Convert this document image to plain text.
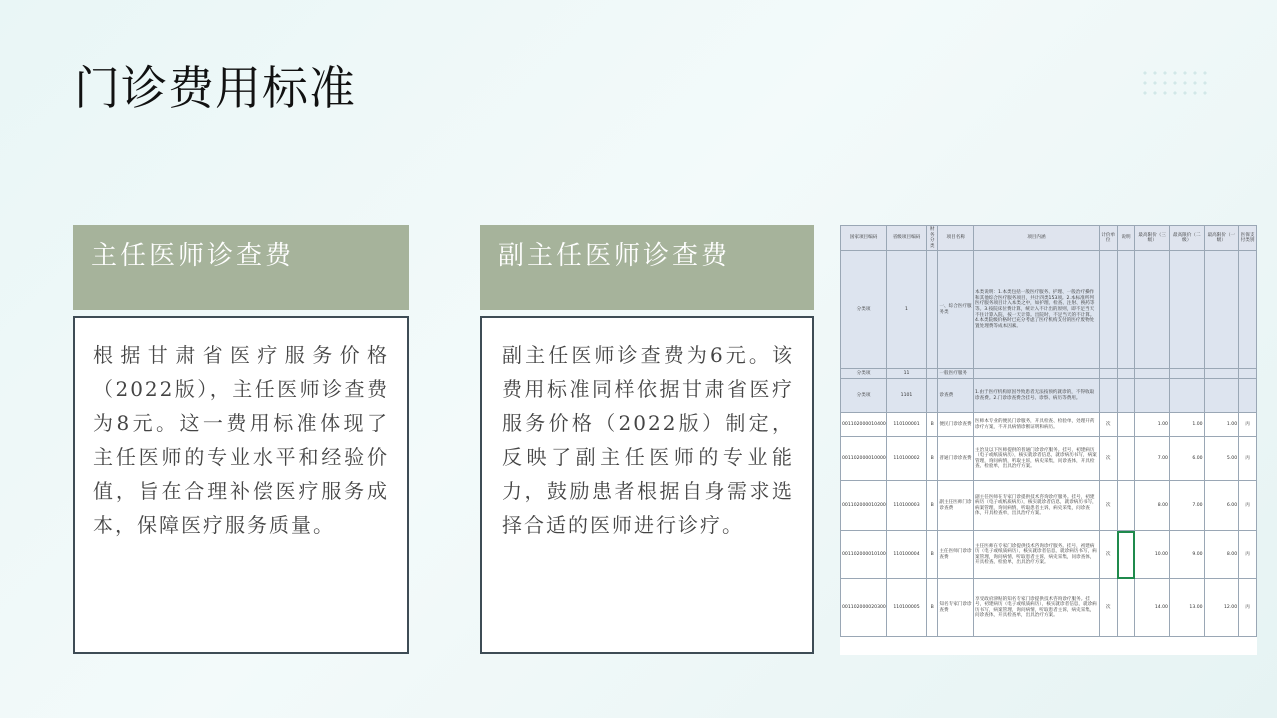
门诊费用标准
主任医师诊查费
根据甘肃省医疗服务价格（2022版），主任医师诊查费为8元。这一费用标准体现了主任医师的专业水平和经验价值，旨在合理补偿医疗服务成本，保障医疗服务质量。
副主任医师诊查费
副主任医师诊查费为6元。该费用标准同样依据甘肃省医疗服务价格（2022版）制定，反映了副主任医师的专业能力，鼓励患者根据自身需求选择合适的医师进行诊疗。
国家项目编码	省级项目编码	财务分类	项目名称	项目内涵	计价单位	说明	最高限价（三级）	最高限价（二级）	最高限价（一级）	医保支付类别
分类项	1		一、综合医疗服务类	本类说明：1.本类包括一般医疗服务、护理、一般治疗操作和其他综合医疗服务项目，共计四类153项。2.本标准所列医疗服务项目计入本类之中，如护理、检查、注射、换药等等。3.按院床位费计算，统计入不计出的原则，即不足当天不住计算入院，按一天计算。出院时，不足当天的不计算。4.本类院级价格时已充分考虑了医疗机构支付的医疗废物处置处理费等成本因素。						
分类项	11		一般医疗服务							
分类项	1101		诊查费	1.由于医疗机构原因导致患者无法按预约就诊的，不得收取诊查费。2.门诊诊查费含挂号、诊察、病历等费用。						
001102000010400	110100001	B	便民门诊诊查费	医师本专业的便民门诊服务，开具检查、检验单，处理开药诊疗方案，不开具病情诊断证明和病历。	次		1.00	1.00	1.00	丙
001102000010000	110100002	B	普通门诊诊查费	主治及以下医师提供的普通门诊诊疗服务。挂号，初建病历（电子或纸质病历），核实就诊者信息，就诊病历书写，病案管理，询问病情，听取主诉，病史采集，问诊查体，开具检查、检验单，出具治疗方案。	次		7.00	6.00	5.00	丙
001102000010200	110100003	B	副主任医师门诊诊查费	副主任医师在专家门诊提供技术咨询诊疗服务。挂号，初建病历（电子或纸质病历），核实就诊者信息，就诊病历书写，病案管理，询问病情，听取患者主诉，病史采集，问诊查体，开具检查单，出具治疗方案。	次		8.00	7.00	6.00	丙
001102000010100	110100004	B	主任医师门诊诊查费	主任医师在专家门诊提供技术咨询诊疗服务。挂号，初建病历（电子或纸质病历），核实就诊者信息，就诊病历书写，病案管理，询问病情，听取患者主诉，病史采集，问诊查体，开具检查、检验单，出具治疗方案。	次		10.00	9.00	8.00	丙
001102000020300	110100005	B	知名专家门诊诊查费	享受政府津贴的知名专家门诊提供技术咨询诊疗服务。挂号，初建病历（电子或纸质病历），核实就诊者信息，就诊病历书写，病案管理，询问病情，听取患者主诉，病史采集，问诊查体，开具检查单，出具治疗方案。	次		14.00	13.00	12.00	丙
